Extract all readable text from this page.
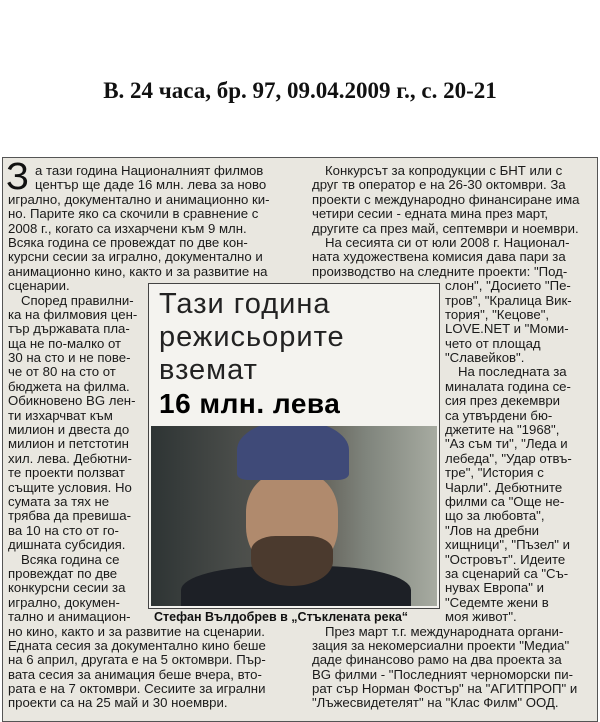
В. 24 часа, бр. 97, 09.04.2009 г., с. 20-21
З а тази година Националният филмов
център ще даде 16 млн. лева за ново
игрално, документално и анимационно ки-
но. Парите яко са скочили в сравнение с
2008 г., когато са изхарчени към 9 млн.
Всяка година се провеждат по две кон-
курсни сесии за игрално, документално и
анимационно кино, както и за развитие на
сценарии.
Според правилни-
ка на филмовия цен-
тър държавата пла-
ща не по-малко от
30 на сто и не пове-
че от 80 на сто от
бюджета на филма.
Обикновено BG лен-
ти изхарчват към
милион и двеста до
милион и петстотин
хил. лева. Дебютни-
те проекти ползват
същите условия. Но
сумата за тях не
трябва да превиша-
ва 10 на сто от го-
дишната субсидия.
Всяка година се
провеждат по две
конкурсни сесии за
игрално, докумен-
тално и анимацион-
но кино, както и за развитие на сценарии.
Едната сесия за документално кино беше
на 6 април, другата е на 5 октомври. Пър-
вата сесия за анимация беше вчера, вто-
рата е на 7 октомври. Сесиите за игрални
проекти са на 25 май и 30 ноември.
Конкурсът за копродукции с БНТ или с
друг тв оператор е на 26-30 октомври. За
проекти с международно финансиране има
четири сесии - едната мина през март,
другите са през май, септември и ноември.
На сесията си от юли 2008 г. Национал-
ната художествена комисия дава пари за
производство на следните проекти: "Под-
слон", "Досието "Пе-
тров", "Кралица Вик-
тория", "Кецове",
LOVE.NET и "Моми-
чето от площад
"Славейков".
На последната за
миналата година се-
сия през декември
са утвърдени бю-
джетите на "1968",
"Аз съм ти", "Леда и
лебеда", "Удар отвъ-
тре", "История с
Чарли". Дебютните
филми са "Още не-
що за любовта",
"Лов на дребни
хищници", "Пъзел" и
"Островът". Идеите
за сценарий са "Съ-
нувах Европа" и
"Седемте жени в
моя живот".
През март т.г. международната органи-
зация за некомерсиални проекти "Медиа"
даде финансово рамо на два проекта за
BG филми - "Последният черноморски пи-
рат сър Норман Фостър" на "АГИТПРОП" и
"Лъжесвидетелят" на "Клас Филм" ООД.
Тази година
режисьорите
вземат
16 млн. лева
Стефан Вълдобрев в „Стъклената река“
